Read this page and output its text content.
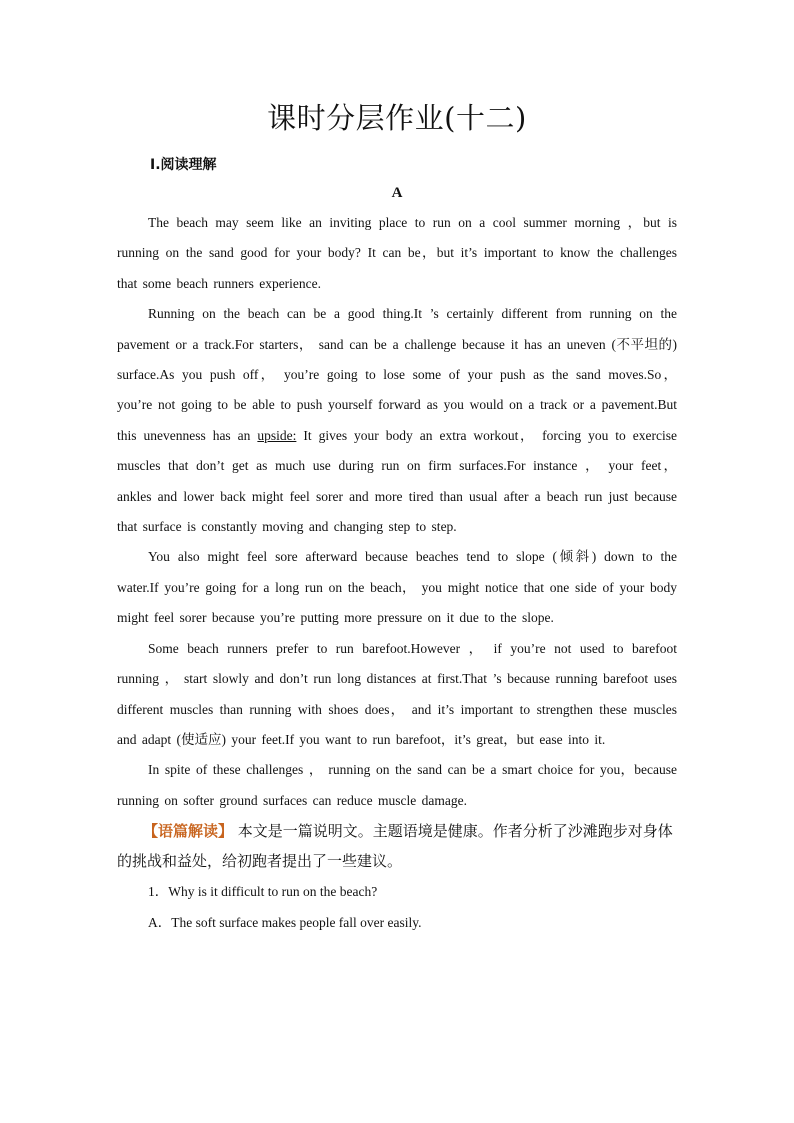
课时分层作业(十二)
Ⅰ.阅读理解
A

The beach may seem like an inviting place to run on a cool summer morning ，but is running on the sand good for your body? It can be，but it’s important to know the challenges that some beach runners experience.

Running on the beach can be a good thing.It ’s certainly different from running on the pavement or a track.For starters， sand can be a challenge because it has an uneven (不平坦的) surface.As you push off， you’re going to lose some of your push as the sand moves.So， you’re not going to be able to push yourself forward as you would on a track or a pavement.But this unevenness has an upside: It gives your body an extra workout， forcing you to exercise muscles that don’t get as much use during run on firm surfaces.For instance ， your feet， ankles and lower back might feel sorer and more tired than usual after a beach run just because that surface is constantly moving and changing step to step.

You also might feel sore afterward because beaches tend to slope (倾斜) down to the water.If you’re going for a long run on the beach， you might notice that one side of your body might feel sorer because you’re putting more pressure on it due to the slope.

Some beach runners prefer to run barefoot.However ， if you’re not used to barefoot running ， start slowly and don’t run long distances at first.That ’s because running barefoot uses different muscles than running with shoes does， and it’s important to strengthen these muscles and adapt (使适应) your feet.If you want to run barefoot，it’s great，but ease into it.

In spite of these challenges ， running on the sand can be a smart choice for you，because running on softer ground surfaces can reduce muscle damage.

【语篇解读】 本文是一篇说明文。主题语境是健康。作者分析了沙滩跑步对身体的挑战和益处，给初跑者提出了一些建议。

1．Why is it difficult to run on the beach?

A．The soft surface makes people fall over easily.
